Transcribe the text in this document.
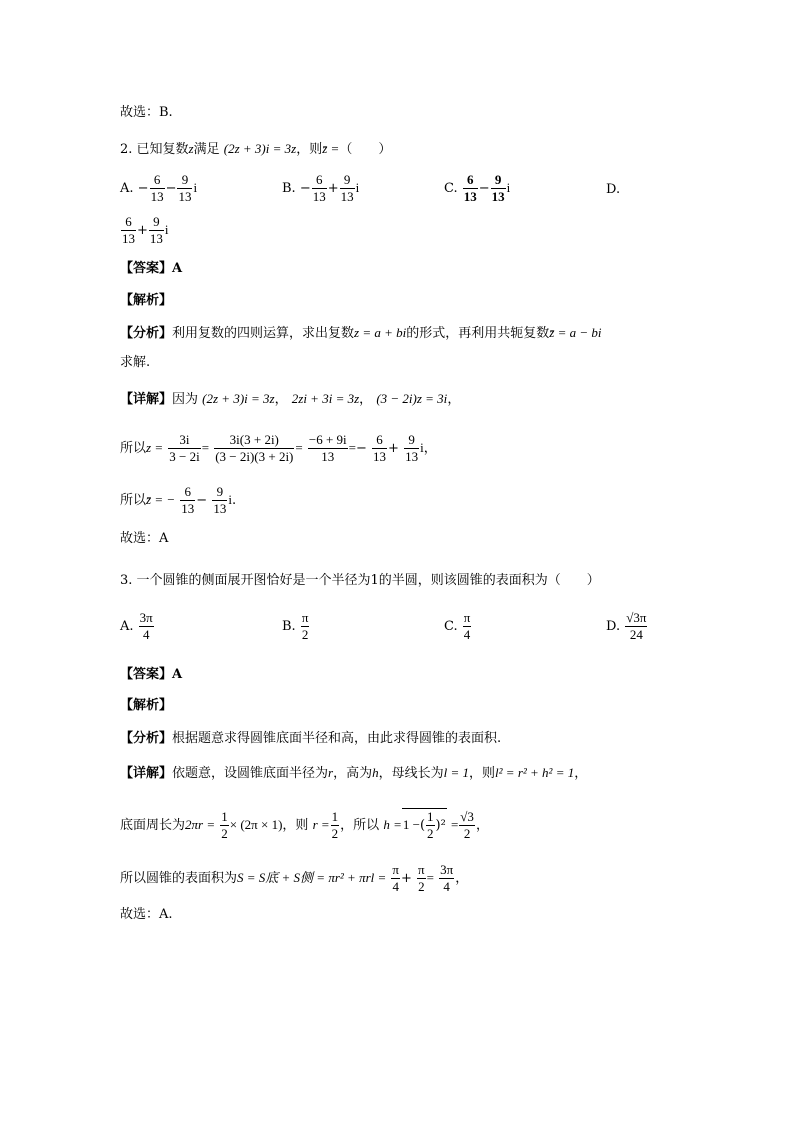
故选：B.
2. 已知复数z满足 (2z + 3)i = 3z，则z̄ =（　　）
A. − $\frac{6}{13} - \frac{9}{13}$ i	B. − $\frac{6}{13} + \frac{9}{13}$ i	C. $\frac{6}{13} - \frac{9}{13}$ i	D.
$\frac{6}{13} + \frac{9}{13}$ i
【答案】A
【解析】
【分析】利用复数的四则运算，求出复数z = a + bi的形式，再利用共轭复数z̄ = a − bi
求解.
【详解】因为 (2z + 3)i = 3z， 2zi + 3i = 3z， (3 − 2i)z = 3i，
所以$z = \frac{3i}{3 - 2i} = \frac{3i(3 + 2i)}{(3 - 2i)(3 + 2i)} = \frac{-6 + 9i}{13} =- \frac{6}{13} + \frac{9}{13}$ i，
所以z̄ = − $\frac{6}{13} - \frac{9}{13} i$.
故选：A
3. 一个圆锥的侧面展开图恰好是一个半径为1的半圆，则该圆锥的表面积为（　　）
A. $\frac{3\pi}{4}$	B. $\frac{\pi}{2}$	C. $\frac{\pi}{4}$	D. $\frac{√3\pi}{24}$
【答案】A
【解析】
【分析】根据题意求得圆锥底面半径和高，由此求得圆锥的表面积.
【详解】依题意，设圆锥底面半径为r，高为h，母线长为l = 1，则l² = r² + h² = 1，
底面周长为$2\pi r = \frac{1}{2} \times (2\pi \times 1)$，则 $r = \frac{1}{2}$ ，所以 h =1 −( $\frac{1}{2} )^2 = \frac{√3}{2}$ ，
所以圆锥的表面积为S = S底 + S侧 = $\pi r^2 + \pi rl = \frac{\pi}{4} + \frac{\pi}{2} = \frac{3\pi}{4}$ ，
故选：A.
